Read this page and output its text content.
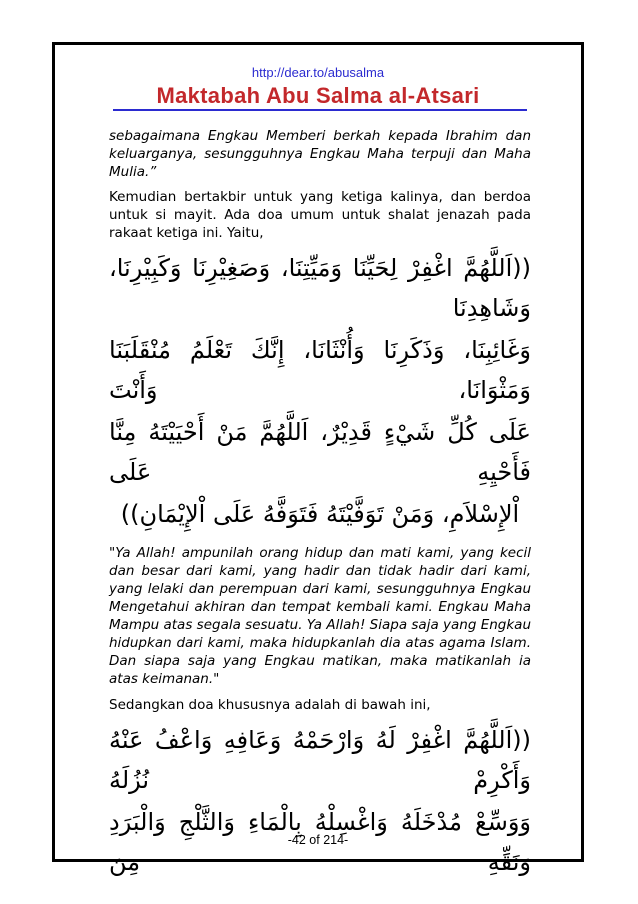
http://dear.to/abusalma
Maktabah Abu Salma al-Atsari

sebagaimana Engkau Memberi berkah kepada Ibrahim dan keluarganya, sesungguhnya Engkau Maha terpuji dan Maha Mulia.”

Kemudian bertakbir untuk yang ketiga kalinya, dan berdoa untuk si mayit. Ada doa umum untuk shalat jenazah pada rakaat ketiga ini. Yaitu,

((اَللَّهُمَّ اغْفِرْ لِحَيِّنَا وَمَيِّتِنَا، وَصَغِيْرِنَا وَكَبِيْرِنَا، وَشَاهِدِنَا

وَغَائِبِنَا، وَذَكَرِنَا وَأُنْثَانَا، إِنَّكَ تَعْلَمُ مُنْقَلَبَنَا وَمَثْوَانَا، وَأَنْتَ

عَلَى كُلِّ شَيْءٍ قَدِيْرٌ، اَللَّهُمَّ مَنْ أَحْيَيْتَهُ مِنَّا فَأَحْيِهِ عَلَى

اْلإِسْلاَمِ، وَمَنْ تَوَفَّيْتَهُ فَتَوَفَّهُ عَلَى اْلإِيْمَانِ))

"Ya Allah! ampunilah orang hidup dan mati kami, yang kecil dan besar dari kami, yang hadir dan tidak hadir dari kami, yang lelaki dan perempuan dari kami, sesungguhnya Engkau Mengetahui akhiran dan tempat kembali kami. Engkau Maha Mampu atas segala sesuatu. Ya Allah! Siapa saja yang Engkau hidupkan dari kami, maka hidupkanlah dia atas agama Islam. Dan siapa saja yang Engkau matikan, maka matikanlah ia atas keimanan."

Sedangkan doa khususnya adalah di bawah ini,

((اَللَّهُمَّ اغْفِرْ لَهُ وَارْحَمْهُ وَعَافِهِ وَاعْفُ عَنْهُ وَأَكْرِمْ نُزُلَهُ

وَوَسِّعْ مُدْخَلَهُ وَاغْسِلْهُ بِالْمَاءِ وَالثَّلْجِ وَالْبَرَدِ وَنَقِّهِ مِنَ

-42 of 214-
